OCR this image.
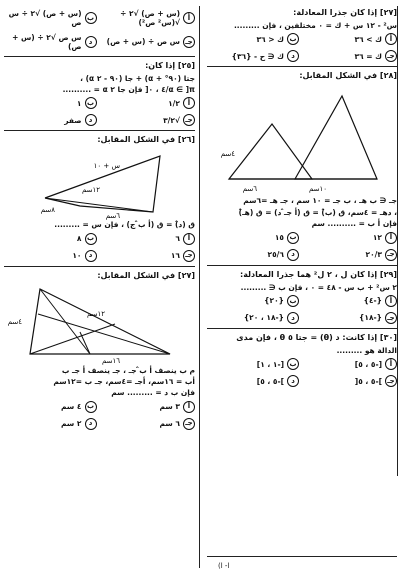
أ
(س + ص) √٢ ÷ √(س² ص²)
ب
(س + ص) √٢ ÷ س ص
جـ
س ص ÷ (س + ص)
د
س ص √٢ ÷ (س + ص)
[٢٥] إذا كان:
جتا (٩٠° + α) + جا (٩٠ - ٢ α) ،
α ∈ ]π/٤ ، ٠[ فإن جا ٢ α = ..........
أ
١/٢
ب
١
جـ
√٣/٢
د
صفر
[٢٦] في الشكل المقابل:
س + ١٠
١٢سم
٨سم
٦سم
ق (د̂) = ق (أ ب̂ ج) ، فإن س = .........
أ
٦
ب
٨
جـ
١٦
د
١٠
[٢٧] في الشكل المقابل:
١٢سم
٤سم
١٦سم
م ب ينصف أ ب̂ جـ ، جـ ينصف أ جـ ب
أب = ١٦سم، أجـ =٤سم، جـ ب =١٢سم
فإن ب د = ......... سم
أ
٣ سم
ب
٤ سم
جـ
٦ سم
د
٢ سم
[٢٧] إذا كان جذرا المعادلة:
س² - ١٢ س + ك = ٠ مختلفين ، فإن .........
أ
ك > ٣٦
ب
ك < ٣٦
جـ
ك = ٣٦
د
ك ∈ ح - {٣٦}
[٢٨] في الشكل المقابل:
٤سم
٦سم	١٠سم
جـ ∈ ب هـ ، ب جـ = ١٠ سم ، جـ هـ =٦سم
، دهـ = ٤سم، ق (ب̂) = ق (أ جـ̂ د) = ق (هـ̂)
فإن أ ب = .......... سم
أ
١٢
ب
١٥
جـ
٢٠/٣
د
٢٥/٦
[٢٩] إذا كان ل ، ٢ ل² هما جذرا المعادلة:
٢ س² + ب س - ٤٨ = ٠ ، فإن ب ∈ .........
أ
{-٤}
ب
{٢٠}
جـ
{-١٨}
د
{-١٨ ، ٢٠}
[٣٠] إذا كانت: د (θ) = جتا ٥ θ ، فإن مدى
الدالة هو .........
أ
[-٥ ، ٥]
ب
[-١ ، ١]
جـ
]-٥ ، ٥[
د
]-٥ ، ٥]
(ا- ا
